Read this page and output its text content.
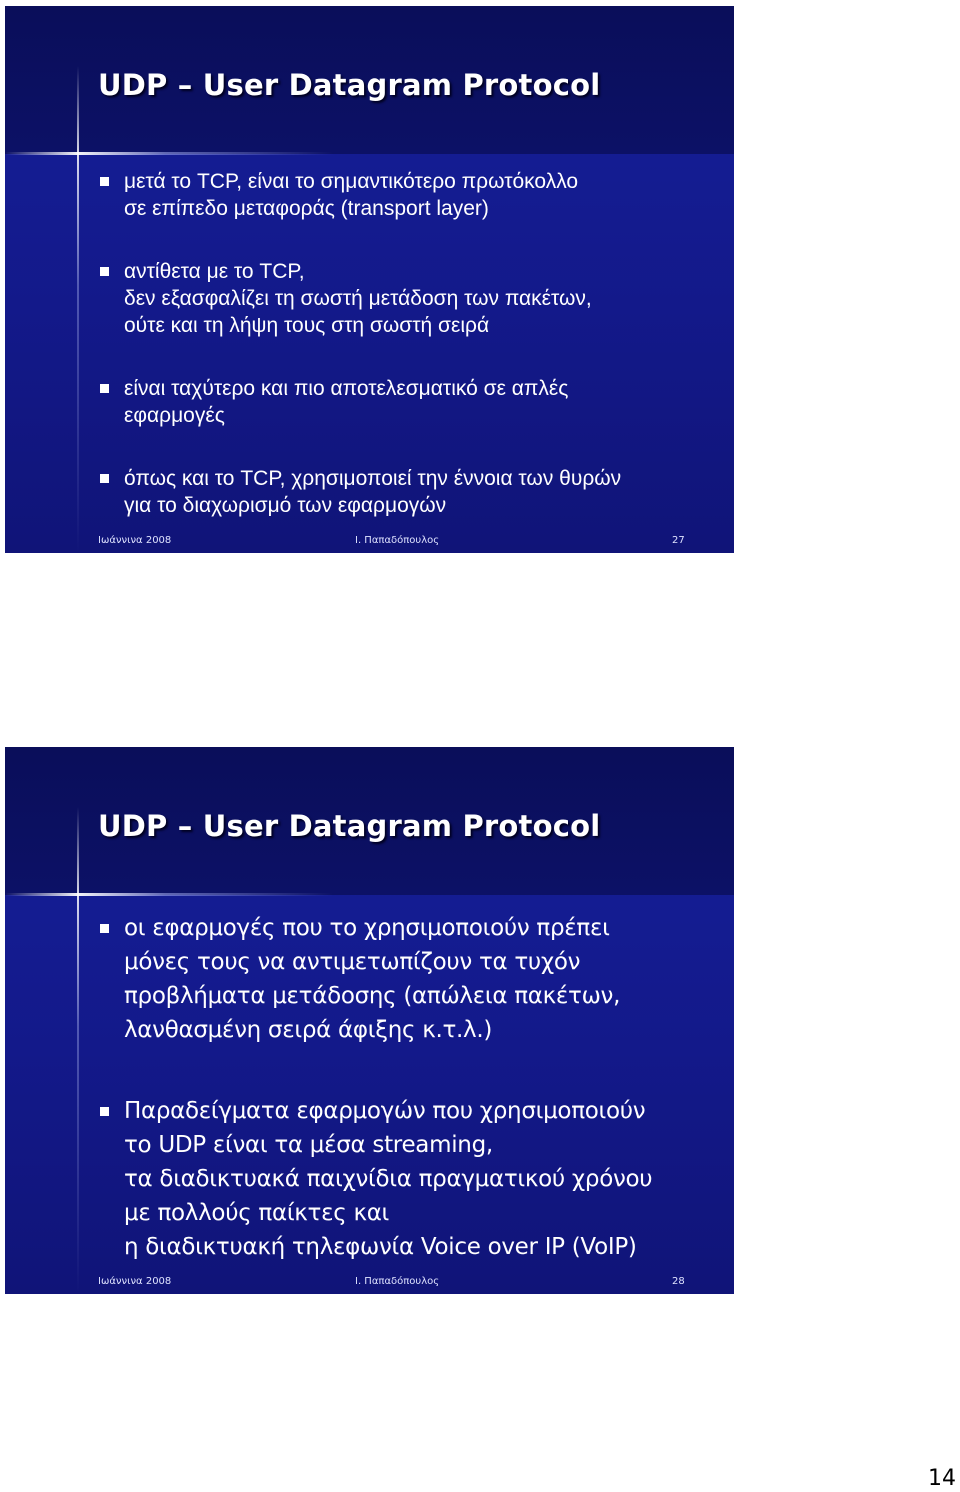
UDP – User Datagram Protocol
μετά το TCP, είναι το σημαντικότερο πρωτόκολλο
σε επίπεδο μεταφοράς (transport layer)
αντίθετα με το TCP,
δεν εξασφαλίζει τη σωστή μετάδοση των πακέτων,
ούτε και τη λήψη τους στη σωστή σειρά
είναι ταχύτερο και πιο αποτελεσματικό σε απλές
εφαρμογές
όπως και το TCP, χρησιμοποιεί την έννοια των θυρών
για το διαχωρισμό των εφαρμογών
Ιωάννινα 2008	Ι. Παπαδόπουλος	27
UDP – User Datagram Protocol
οι εφαρμογές που το χρησιμοποιούν πρέπει
μόνες τους να αντιμετωπίζουν τα τυχόν
προβλήματα μετάδοσης (απώλεια πακέτων,
λανθασμένη σειρά άφιξης κ.τ.λ.)
Παραδείγματα εφαρμογών που χρησιμοποιούν
το UDP είναι τα μέσα streaming,
τα διαδικτυακά παιχνίδια πραγματικού χρόνου
με πολλούς παίκτες και
η διαδικτυακή τηλεφωνία Voice over IP (VoIP)
Ιωάννινα 2008	Ι. Παπαδόπουλος	28
14
